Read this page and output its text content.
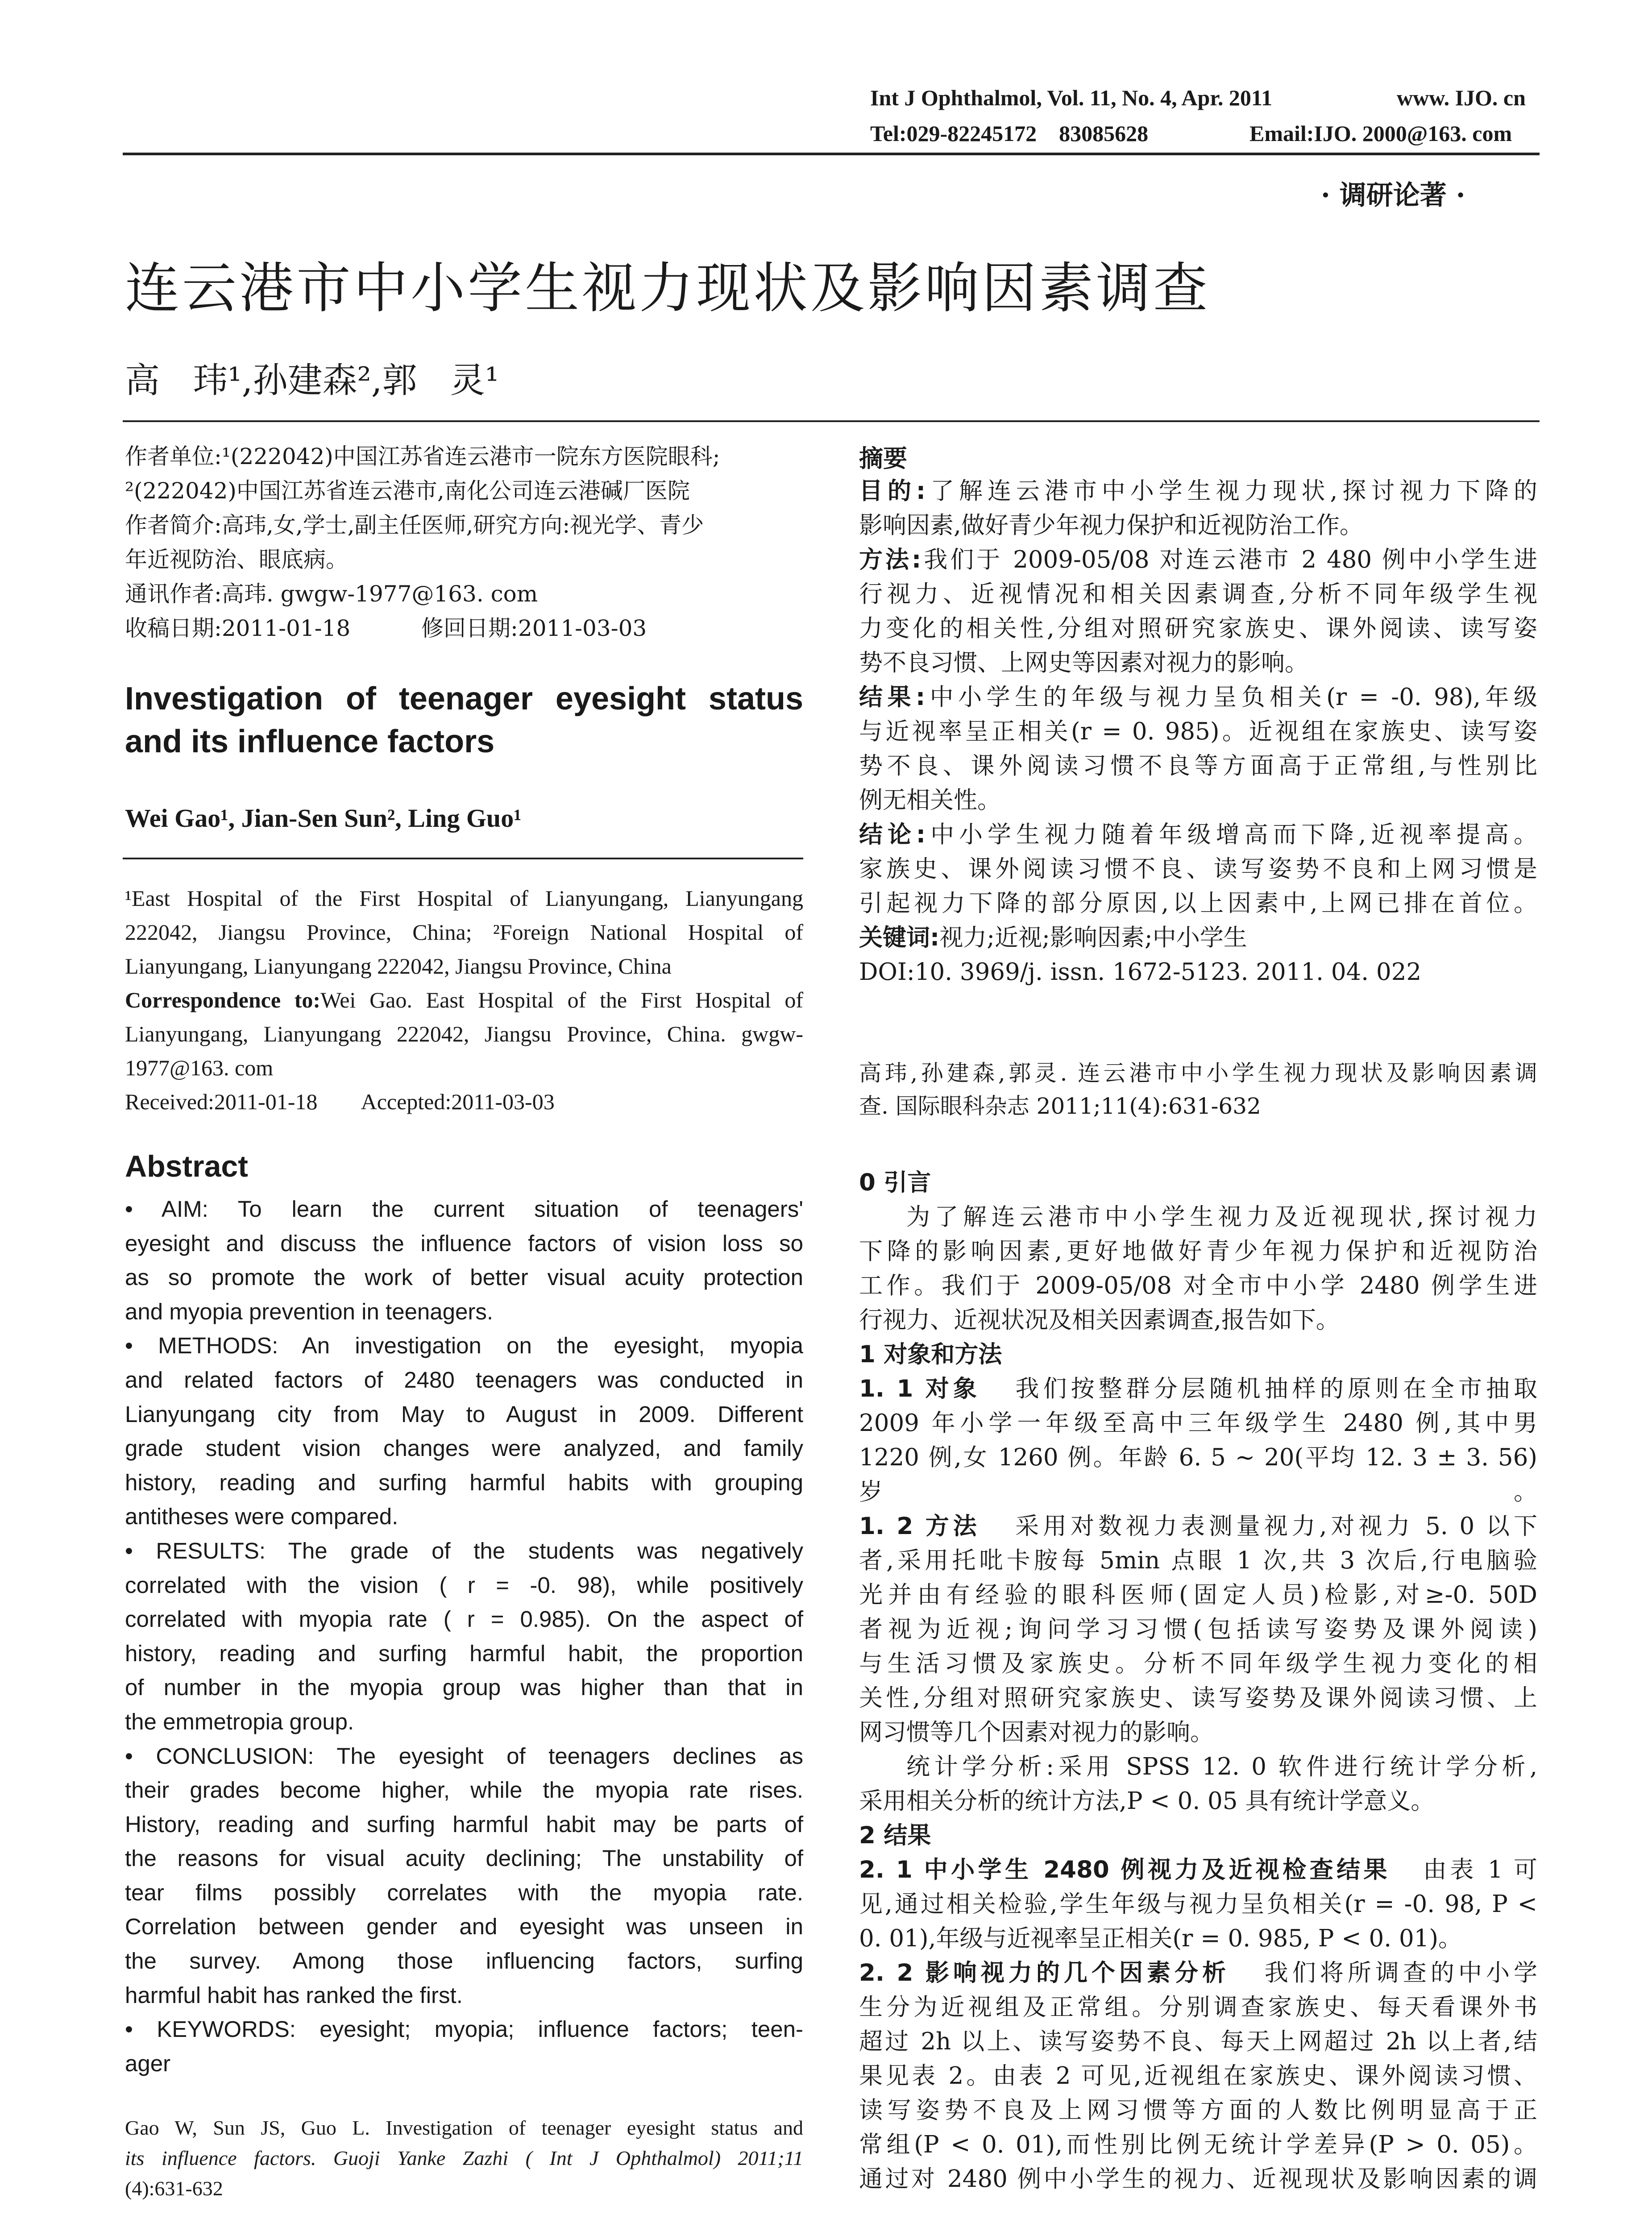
Int J Ophthalmol, Vol. 11, No. 4, Apr. 2011	www. IJO. cn
Tel:029-82245172    83085628	Email:IJO. 2000@163. com
· 调研论著 ·
连云港市中小学生视力现状及影响因素调查
高   玮¹,孙建森²,郭   灵¹
作者单位:¹(222042)中国江苏省连云港市一院东方医院眼科;
²(222042)中国江苏省连云港市,南化公司连云港碱厂医院
作者简介:高玮,女,学士,副主任医师,研究方向:视光学、青少
年近视防治、眼底病。
通讯作者:高玮. gwgw-1977@163. com
收稿日期:2011-01-18          修回日期:2011-03-03
Investigation of teenager eyesight status
and its influence factors
Wei Gao¹, Jian-Sen Sun², Ling Guo¹
¹East Hospital of the First Hospital of Lianyungang, Lianyungang
222042, Jiangsu Province, China; ²Foreign National Hospital of
Lianyungang, Lianyungang 222042, Jiangsu Province, China
Correspondence to:Wei Gao. East Hospital of the First Hospital of
Lianyungang, Lianyungang 222042, Jiangsu Province, China. gwgw-
1977@163. com
Received:2011-01-18        Accepted:2011-03-03
Abstract
• AIM: To learn the current situation of teenagers'
eyesight and discuss the influence factors of vision loss so
as so promote the work of better visual acuity protection
and myopia prevention in teenagers.
• METHODS: An investigation on the eyesight, myopia
and related factors of 2480 teenagers was conducted in
Lianyungang city from May to August in 2009. Different
grade student vision changes were analyzed, and family
history, reading and surfing harmful habits with grouping
antitheses were compared.
• RESULTS: The grade of the students was negatively
correlated with the vision ( r = -0. 98), while positively
correlated with myopia rate ( r = 0.985). On the aspect of
history, reading and surfing harmful habit, the proportion
of number in the myopia group was higher than that in
the emmetropia group.
• CONCLUSION: The eyesight of teenagers declines as
their grades become higher, while the myopia rate rises.
History, reading and surfing harmful habit may be parts of
the reasons for visual acuity declining; The unstability of
tear films possibly correlates with the myopia rate.
Correlation between gender and eyesight was unseen in
the survey. Among those influencing factors, surfing
harmful habit has ranked the first.
• KEYWORDS: eyesight; myopia; influence factors; teen-
ager
Gao W, Sun JS, Guo L. Investigation of teenager eyesight status and
its influence factors. Guoji Yanke Zazhi ( Int J Ophthalmol) 2011;11
(4):631-632
摘要
目的:了解连云港市中小学生视力现状,探讨视力下降的
影响因素,做好青少年视力保护和近视防治工作。
方法:我们于 2009-05/08 对连云港市 2 480 例中小学生进
行视力、近视情况和相关因素调查,分析不同年级学生视
力变化的相关性,分组对照研究家族史、课外阅读、读写姿
势不良习惯、上网史等因素对视力的影响。
结果:中小学生的年级与视力呈负相关(r = -0. 98),年级
与近视率呈正相关(r = 0. 985)。近视组在家族史、读写姿
势不良、课外阅读习惯不良等方面高于正常组,与性别比
例无相关性。
结论:中小学生视力随着年级增高而下降,近视率提高。
家族史、课外阅读习惯不良、读写姿势不良和上网习惯是
引起视力下降的部分原因,以上因素中,上网已排在首位。
关键词:视力;近视;影响因素;中小学生
DOI:10. 3969/j. issn. 1672-5123. 2011. 04. 022
高玮,孙建森,郭灵. 连云港市中小学生视力现状及影响因素调
查. 国际眼科杂志 2011;11(4):631-632
0 引言
为了解连云港市中小学生视力及近视现状,探讨视力
下降的影响因素,更好地做好青少年视力保护和近视防治
工作。我们于 2009-05/08 对全市中小学 2480 例学生进
行视力、近视状况及相关因素调查,报告如下。
1 对象和方法
1. 1 对象   我们按整群分层随机抽样的原则在全市抽取
2009 年小学一年级至高中三年级学生 2480 例,其中男
1220 例,女 1260 例。年龄 6. 5 ~ 20(平均 12. 3 ± 3. 56)岁。
1. 2 方法   采用对数视力表测量视力,对视力 5. 0 以下
者,采用托吡卡胺每 5min 点眼 1 次,共 3 次后,行电脑验
光并由有经验的眼科医师(固定人员)检影,对≥-0. 50D
者视为近视;询问学习习惯(包括读写姿势及课外阅读)
与生活习惯及家族史。分析不同年级学生视力变化的相
关性,分组对照研究家族史、读写姿势及课外阅读习惯、上
网习惯等几个因素对视力的影响。
统计学分析:采用 SPSS 12. 0 软件进行统计学分析,
采用相关分析的统计方法,P < 0. 05 具有统计学意义。
2 结果
2. 1 中小学生 2480 例视力及近视检查结果   由表 1 可
见,通过相关检验,学生年级与视力呈负相关(r = -0. 98, P <
0. 01),年级与近视率呈正相关(r = 0. 985, P < 0. 01)。
2. 2 影响视力的几个因素分析   我们将所调查的中小学
生分为近视组及正常组。分别调查家族史、每天看课外书
超过 2h 以上、读写姿势不良、每天上网超过 2h 以上者,结
果见表 2。由表 2 可见,近视组在家族史、课外阅读习惯、
读写姿势不良及上网习惯等方面的人数比例明显高于正
常组(P < 0. 01),而性别比例无统计学差异(P > 0. 05)。
通过对 2480 例中小学生的视力、近视现状及影响因素的调
